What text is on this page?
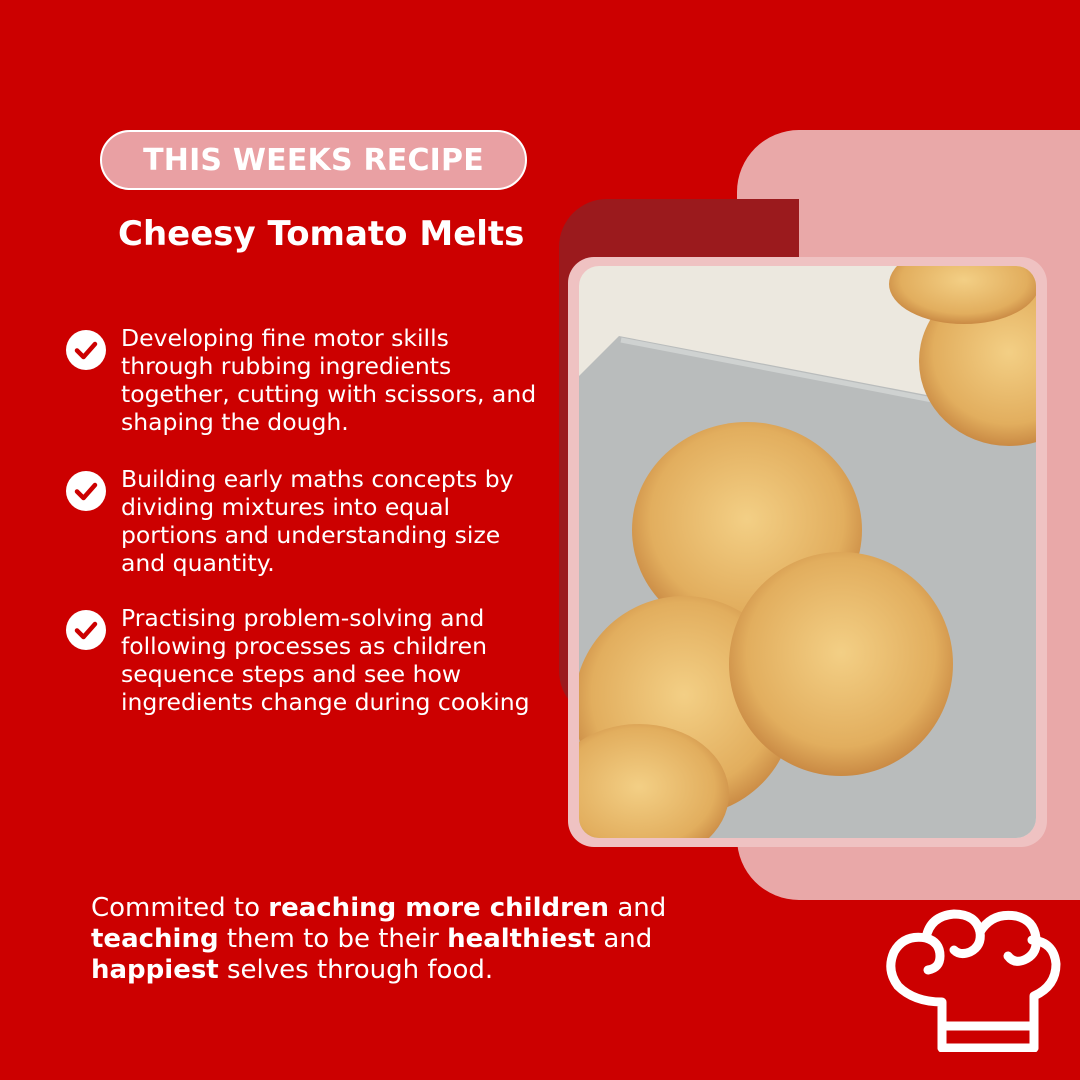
THIS WEEKS RECIPE
Cheesy Tomato Melts
Developing fine motor skills through rubbing ingredients together, cutting with scissors, and shaping the dough.
Building early maths concepts by dividing mixtures into equal portions and understanding size and quantity.
Practising problem-solving and following processes as children sequence steps and see how ingredients change during cooking
Commited to reaching more children and teaching them to be their healthiest and happiest selves through food.
